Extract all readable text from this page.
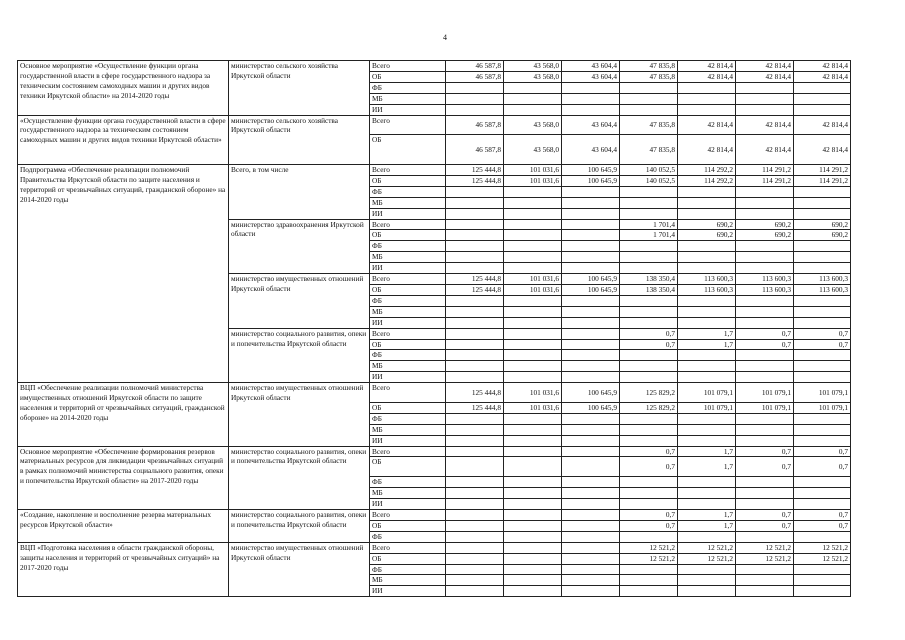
4
Основное мероприятие «Осуществление функции органа государственной власти в сфере государственного надзора за техническим состоянием самоходных машин и других видов техники Иркутской области» на 2014-2020 годы	министерство сельского хозяйства Иркутской области	Всего	46 587,8	43 568,0	43 604,4	47 835,8	42 814,4	42 814,4	42 814,4
		ОБ	46 587,8	43 568,0	43 604,4	47 835,8	42 814,4	42 814,4	42 814,4
		ФБ							
		МБ							
		ИИ							
«Осуществление функции органа государственной власти в сфере государственного надзора за техническим состоянием самоходных машин и других видов техники Иркутской области»	министерство сельского хозяйства Иркутской области	Всего	46 587,8	43 568,0	43 604,4	47 835,8	42 814,4	42 814,4	42 814,4
		ОБ	46 587,8	43 568,0	43 604,4	47 835,8	42 814,4	42 814,4	42 814,4
Подпрограмма «Обеспечение реализации полномочий Правительства Иркутской области по защите населения и территорий от чрезвычайных ситуаций, гражданской обороне» на 2014-2020 годы	Всего, в том числе	Всего	125 444,8	101 031,6	100 645,9	140 052,5	114 292,2	114 291,2	114 291,2
		ОБ	125 444,8	101 031,6	100 645,9	140 052,5	114 292,2	114 291,2	114 291,2
		ФБ							
		МБ							
		ИИ							
	министерство здравоохранения Иркутской области	Всего				1 701,4	690,2	690,2	690,2
		ОБ				1 701,4	690,2	690,2	690,2
		ФБ							
		МБ							
		ИИ							
	министерство имущественных отношений Иркутской области	Всего	125 444,8	101 031,6	100 645,9	138 350,4	113 600,3	113 600,3	113 600,3
		ОБ	125 444,8	101 031,6	100 645,9	138 350,4	113 600,3	113 600,3	113 600,3
		ФБ							
		МБ							
		ИИ							
	министерство социального развития, опеки и попечительства Иркутской области	Всего				0,7	1,7	0,7	0,7
		ОБ				0,7	1,7	0,7	0,7
		ФБ							
		МБ							
		ИИ							
ВЦП «Обеспечение реализации полномочий министерства имущественных отношений Иркутской области по защите населения и территорий от чрезвычайных ситуаций, гражданской обороне» на 2014-2020 годы	министерство имущественных отношений Иркутской области	Всего	125 444,8	101 031,6	100 645,9	125 829,2	101 079,1	101 079,1	101 079,1
		ОБ	125 444,8	101 031,6	100 645,9	125 829,2	101 079,1	101 079,1	101 079,1
		ФБ							
		МБ							
		ИИ							
Основное мероприятие «Обеспечение формирования резервов материальных ресурсов для ликвидации чрезвычайных ситуаций в рамках полномочий министерства социального развития, опеки и попечительства Иркутской области» на 2017-2020 годы	министерство социального развития, опеки и попечительства Иркутской области	Всего				0,7	1,7	0,7	0,7
		ОБ				0,7	1,7	0,7	0,7
		ФБ							
		МБ							
		ИИ							
«Создание, накопление и восполнение резерва материальных ресурсов Иркутской области»	министерство социального развития, опеки и попечительства Иркутской области	Всего				0,7	1,7	0,7	0,7
		ОБ				0,7	1,7	0,7	0,7
		ФБ							
ВЦП «Подготовка населения в области гражданской обороны, защиты населения и территорий от чрезвычайных ситуаций» на 2017-2020 годы	министерство имущественных отношений Иркутской области	Всего				12 521,2	12 521,2	12 521,2	12 521,2
		ОБ				12 521,2	12 521,2	12 521,2	12 521,2
		ФБ							
		МБ							
		ИИ							
